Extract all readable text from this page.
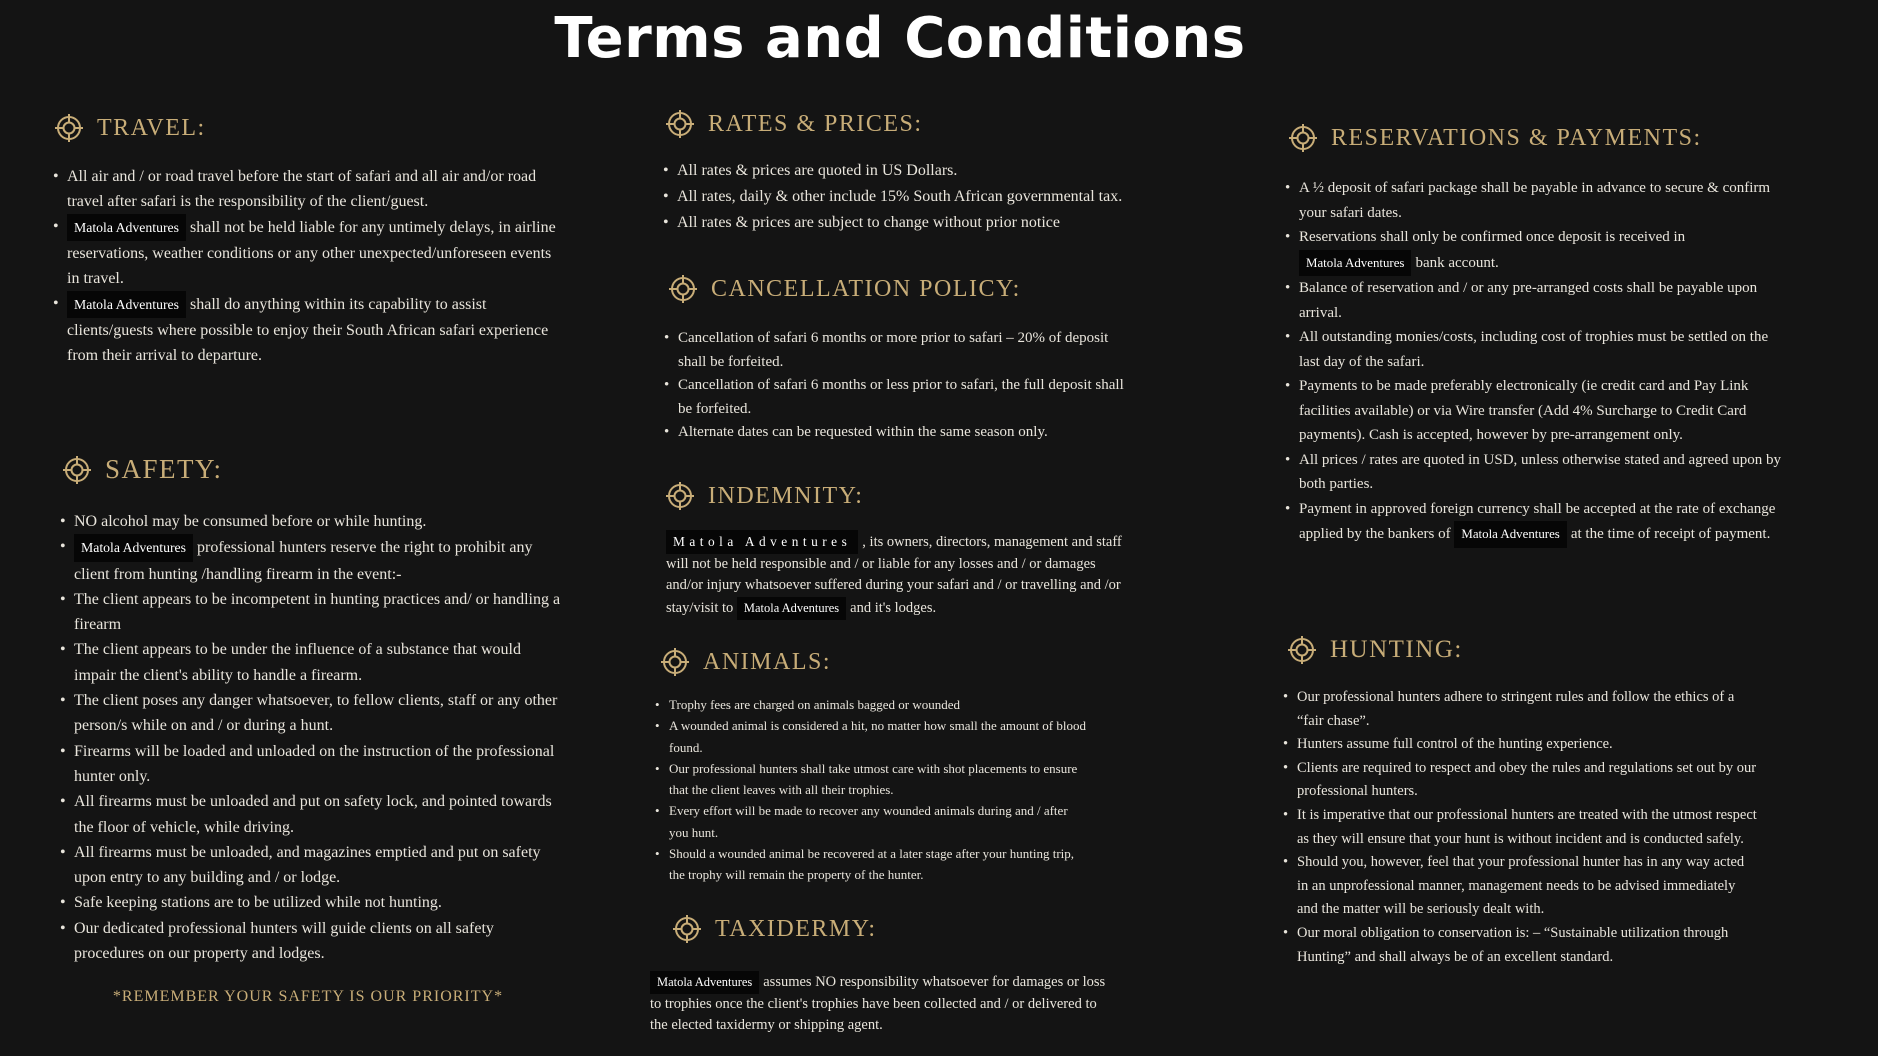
Terms and Conditions
TRAVEL:
• All air and / or road travel before the start of safari and all air and/or road travel after safari is the responsibility of the client/guest.
• Matola Adventures shall not be held liable for any untimely delays, in airline reservations, weather conditions or any other unexpected/unforeseen events in travel.
• Matola Adventures shall do anything within its capability to assist clients/guests where possible to enjoy their South African safari experience from their arrival to departure.
SAFETY:
• NO alcohol may be consumed before or while hunting.
• Matola Adventures professional hunters reserve the right to prohibit any client from hunting /handling firearm in the event:-
• The client appears to be incompetent in hunting practices and/ or handling a firearm
• The client appears to be under the influence of a substance that would impair the client's ability to handle a firearm.
• The client poses any danger whatsoever, to fellow clients, staff or any other person/s while on and / or during a hunt.
• Firearms will be loaded and unloaded on the instruction of the professional hunter only.
• All firearms must be unloaded and put on safety lock, and pointed towards the floor of vehicle, while driving.
• All firearms must be unloaded, and magazines emptied and put on safety upon entry to any building and / or lodge.
• Safe keeping stations are to be utilized while not hunting.
• Our dedicated professional hunters will guide clients on all safety procedures on our property and lodges.
*REMEMBER YOUR SAFETY IS OUR PRIORITY*
RATES & PRICES:
• All rates & prices are quoted in US Dollars.
• All rates, daily & other include 15% South African governmental tax.
• All rates & prices are subject to change without prior notice
CANCELLATION POLICY:
• Cancellation of safari 6 months or more prior to safari – 20% of deposit shall be forfeited.
• Cancellation of safari 6 months or less prior to safari, the full deposit shall be forfeited.
• Alternate dates can be requested within the same season only.
INDEMNITY:

Matola Adventures , its owners, directors, management and staff will not be held responsible and / or liable for any losses and / or damages and/or injury whatsoever suffered during your safari and / or travelling and /or stay/visit to Matola Adventures and it's lodges.

ANIMALS:
• Trophy fees are charged on animals bagged or wounded
• A wounded animal is considered a hit, no matter how small the amount of blood found.
• Our professional hunters shall take utmost care with shot placements to ensure that the client leaves with all their trophies.
• Every effort will be made to recover any wounded animals during and / after you hunt.
• Should a wounded animal be recovered at a later stage after your hunting trip, the trophy will remain the property of the hunter.
TAXIDERMY:

Matola Adventures assumes NO responsibility whatsoever for damages or loss to trophies once the client's trophies have been collected and / or delivered to the elected taxidermy or shipping agent.

RESERVATIONS & PAYMENTS:
• A ½ deposit of safari package shall be payable in advance to secure & confirm your safari dates.
• Reservations shall only be confirmed once deposit is received in Matola Adventures bank account.
• Balance of reservation and / or any pre-arranged costs shall be payable upon arrival.
• All outstanding monies/costs, including cost of trophies must be settled on the last day of the safari.
• Payments to be made preferably electronically (ie credit card and Pay Link facilities available) or via Wire transfer (Add 4% Surcharge to Credit Card payments). Cash is accepted, however by pre-arrangement only.
• All prices / rates are quoted in USD, unless otherwise stated and agreed upon by both parties.
• Payment in approved foreign currency shall be accepted at the rate of exchange applied by the bankers of Matola Adventures at the time of receipt of payment.
HUNTING:
• Our professional hunters adhere to stringent rules and follow the ethics of a “fair chase”.
• Hunters assume full control of the hunting experience.
• Clients are required to respect and obey the rules and regulations set out by our professional hunters.
• It is imperative that our professional hunters are treated with the utmost respect as they will ensure that your hunt is without incident and is conducted safely.
• Should you, however, feel that your professional hunter has in any way acted in an unprofessional manner, management needs to be advised immediately and the matter will be seriously dealt with.
• Our moral obligation to conservation is: – “Sustainable utilization through Hunting” and shall always be of an excellent standard.
